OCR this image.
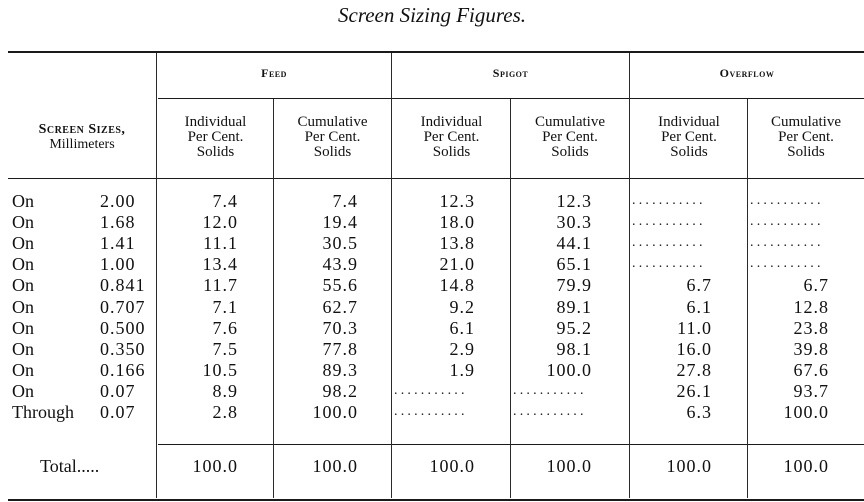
Screen Sizing Figures.
Screen Sizes,
Millimeters
Feed	Spigot	Overflow
Individual
Per Cent.
Solids
Cumulative
Per Cent.
Solids
Individual
Per Cent.
Solids
Cumulative
Per Cent.
Solids
Individual
Per Cent.
Solids
Cumulative
Per Cent.
Solids
On	2.00	7.4	7.4	12.3	12.3	...........	...........
On	1.68	12.0	19.4	18.0	30.3	...........	...........
On	1.41	11.1	30.5	13.8	44.1	...........	...........
On	1.00	13.4	43.9	21.0	65.1	...........	...........
On	0.841	11.7	55.6	14.8	79.9	6.7	6.7
On	0.707	7.1	62.7	9.2	89.1	6.1	12.8
On	0.500	7.6	70.3	6.1	95.2	11.0	23.8
On	0.350	7.5	77.8	2.9	98.1	16.0	39.8
On	0.166	10.5	89.3	1.9	100.0	27.8	67.6
On	0.07	8.9	98.2	...........	...........	26.1	93.7
Through 0.07	2.8	100.0	...........	...........	6.3	100.0
Total.....	100.0	100.0	100.0	100.0	100.0	100.0
